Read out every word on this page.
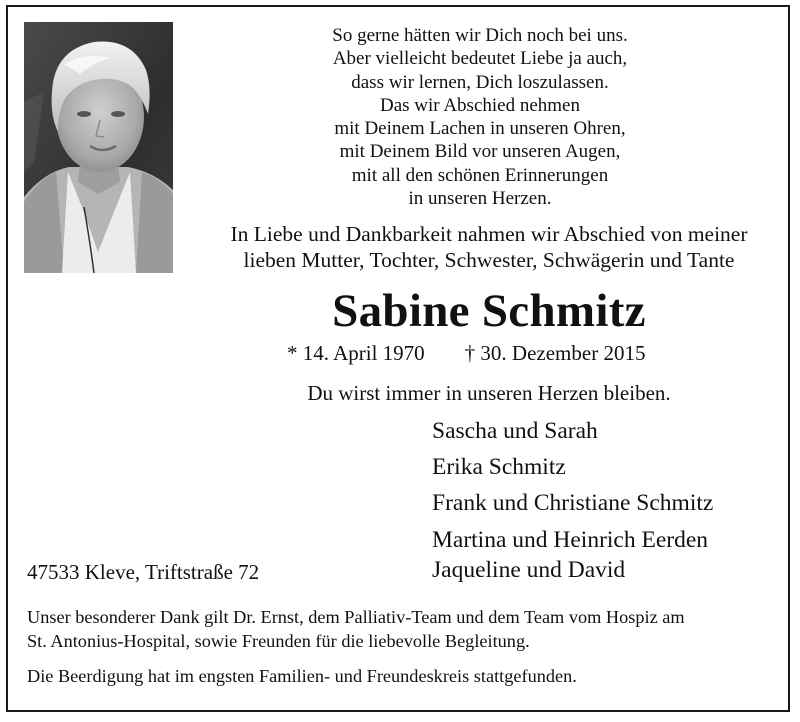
So gerne hätten wir Dich noch bei uns.
Aber vielleicht bedeutet Liebe ja auch,
dass wir lernen, Dich loszulassen.
Das wir Abschied nehmen
mit Deinem Lachen in unseren Ohren,
mit Deinem Bild vor unseren Augen,
mit all den schönen Erinnerungen
in unseren Herzen.
In Liebe und Dankbarkeit nahmen wir Abschied von meiner
lieben Mutter, Tochter, Schwester, Schwägerin und Tante
Sabine Schmitz
* 14. April 1970 † 30. Dezember 2015
Du wirst immer in unseren Herzen bleiben.
Sascha und Sarah
Erika Schmitz
Frank und Christiane Schmitz
Martina und Heinrich Eerden
Jaqueline und David
47533 Kleve, Triftstraße 72
Unser besonderer Dank gilt Dr. Ernst, dem Palliativ-Team und dem Team vom Hospiz am
St. Antonius-Hospital, sowie Freunden für die liebevolle Begleitung.
Die Beerdigung hat im engsten Familien- und Freundeskreis stattgefunden.
